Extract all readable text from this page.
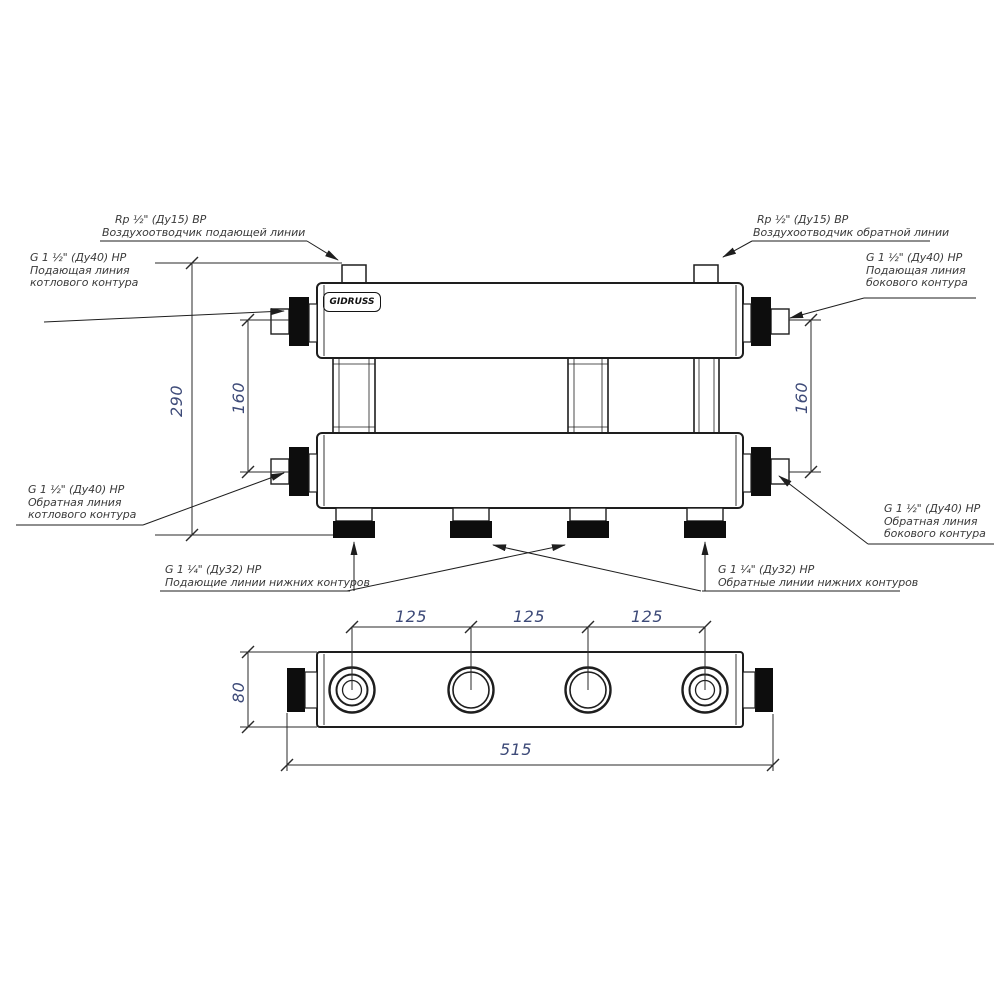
GIDRUSS
Rp ½" (Ду15) ВР
Воздухоотводчик подающей линии
Rp ½" (Ду15) ВР
Воздухоотводчик обратной линии
G 1 ½" (Ду40) НР
Подающая линия
котлового контура
G 1 ½" (Ду40) НР
Подающая линия
бокового контура
G 1 ½" (Ду40) НР
Обратная линия
котлового контура	G 1 ½" (Ду40) НР
Обратная линия
бокового контура
G 1 ¼" (Ду32) НР
Подающие линии нижних контуров
G 1 ¼" (Ду32) НР
Обратные линии нижних контуров
290	160	160
125	125	125
80
515
